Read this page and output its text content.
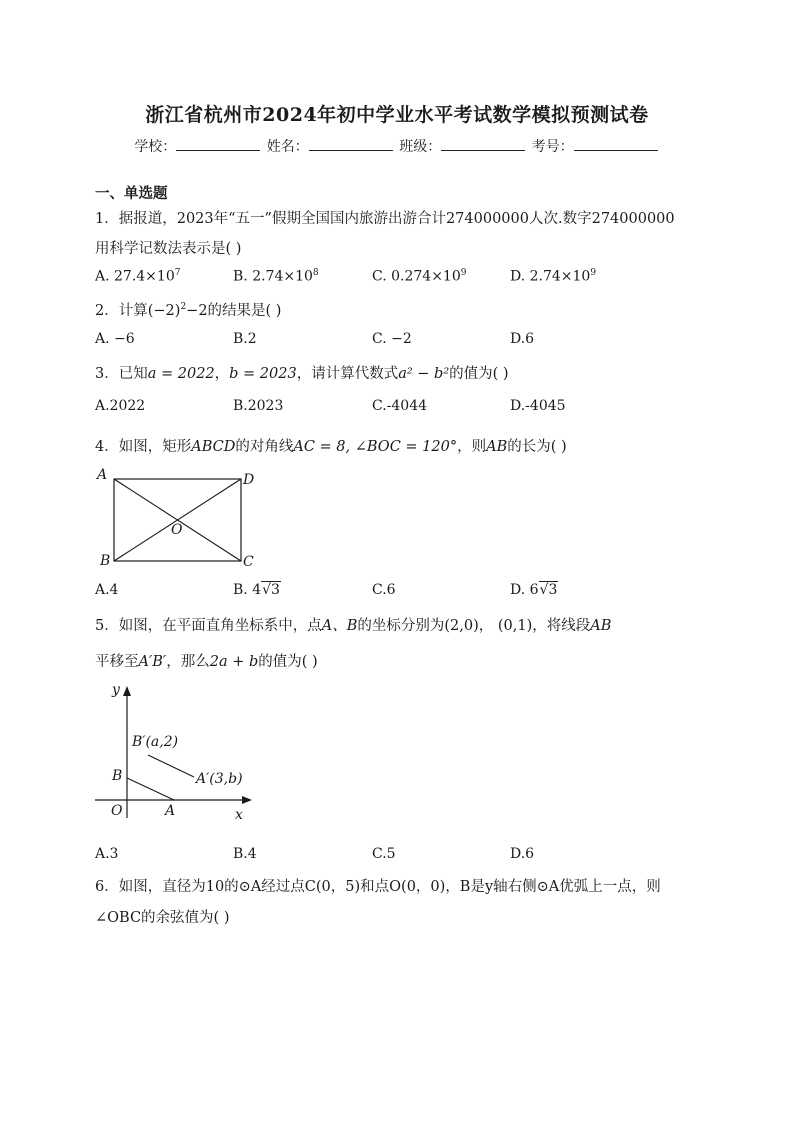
浙江省杭州市2024年初中学业水平考试数学模拟预测试卷
学校：	姓名：	班级：	考号：
一、单选题
1．据报道，2023年“五一”假期全国国内旅游出游合计274000000人次.数字274000000
用科学记数法表示是( )
A. $27.4\times 10^7$	B. $2.74\times 10^8$	C. $0.274\times 10^9$	D. $2.74\times 10^9$
2．计算$(-2)^2-2$的结果是( )
A. −6	B.2	C. −2	D.6
3．已知a = 2022，b = 2023，请计算代数式a² − b²的值为( )
A.2022	B.2023	C.-4044	D.-4045
4．如图，矩形ABCD的对角线AC = 8, ∠BOC = 120°，则AB的长为( )
A	D
B	C
O
A.4	B. 4√3	C.6	D. 6√3
5．如图，在平面直角坐标系中，点A、B的坐标分别为(2,0)， (0,1)，将线段AB
平移至A′B′，那么2a + b的值为( )
y
x
O	A
B
B′(a,2)
A′(3,b)
A.3	B.4	C.5	D.6
6．如图，直径为10的⊙A经过点C(0，5)和点O(0，0)，B是y轴右侧⊙A优弧上一点，则
∠OBC的余弦值为( )
